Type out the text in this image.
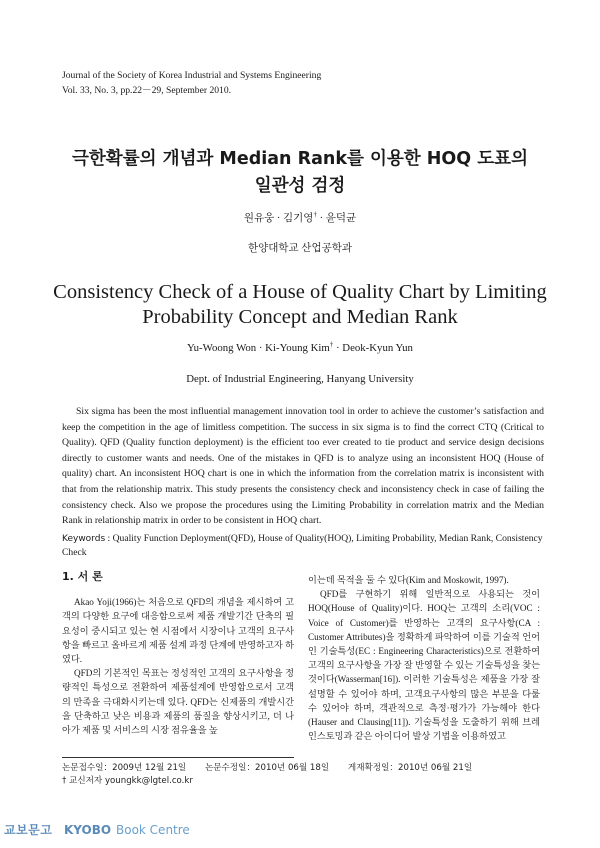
Journal of the Society of Korea Industrial and Systems Engineering
Vol. 33, No. 3, pp.22－29, September 2010.
극한확률의 개념과 Median Rank를 이용한 HOQ 도표의
일관성 검정
원유웅 · 김기영† · 윤덕균
한양대학교 산업공학과
Consistency Check of a House of Quality Chart by Limiting
Probability Concept and Median Rank
Yu-Woong Won · Ki-Young Kim† · Deok-Kyun Yun
Dept. of Industrial Engineering, Hanyang University

Six sigma has been the most influential management innovation tool in order to achieve the customer’s satisfaction and keep the competition in the age of limitless competition. The success in six sigma is to find the correct CTQ (Critical to Quality). QFD (Quality function deployment) is the efficient too ever created to tie product and service design decisions directly to customer wants and needs. One of the mistakes in QFD is to analyze using an inconsistent HOQ (House of quality) chart. An inconsistent HOQ chart is one in which the information from the correlation matrix is inconsistent with that from the relationship matrix. This study presents the consistency check and inconsistency check in case of failing the consistency check. Also we propose the procedures using the Limiting Probability in correlation matrix and the Median Rank in relationship matrix in order to be consistent in HOQ chart.

Keywords : Quality Function Deployment(QFD), House of Quality(HOQ), Limiting Probability, Median Rank, Consistency Check
1. 서 론

Akao Yoji(1966)는 처음으로 QFD의 개념을 제시하여 고객의 다양한 요구에 대응함으로써 제품 개발기간 단축의 필요성이 중시되고 있는 현 시점에서 시장이나 고객의 요구사항을 빠르고 올바르게 제품 설계 과정 단계에 반영하고자 하였다.

QFD의 기본적인 목표는 정성적인 고객의 요구사항을 정량적인 특성으로 전환하여 제품설계에 반영함으로서 고객의 만족을 극대화시키는데 있다. QFD는 신제품의 개발시간을 단축하고 낮은 비용과 제품의 품질을 향상시키고, 더 나아가 제품 및 서비스의 시장 점유율을 높

이는데 목적을 둘 수 있다(Kim and Moskowit, 1997).

QFD를 구현하기 위해 일반적으로 사용되는 것이 HOQ(House of Quality)이다. HOQ는 고객의 소리(VOC : Voice of Customer)를 반영하는 고객의 요구사항(CA : Customer Attributes)을 정확하게 파악하여 이를 기술적 언어인 기술특성(EC : Engineering Characteristics)으로 전환하여 고객의 요구사항을 가장 잘 반영할 수 있는 기술특성을 찾는 것이다(Wasserman[16]). 이러한 기술특성은 제품을 가장 잘 설명할 수 있어야 하며, 고객요구사항의 많은 부분을 다룰 수 있어야 하며, 객관적으로 측정·평가가 가능해야 한다(Hauser and Clausing[11]). 기술특성을 도출하기 위해 브레인스토밍과 같은 아이디어 발상 기법을 이용하였고

논문접수일：2009년 12월 21일 논문수정일：2010년 06월 18일 게재확정일：2010년 06월 21일
† 교신저자 youngkk@lgtel.co.kr
교보문고 KYOBO Book Centre
